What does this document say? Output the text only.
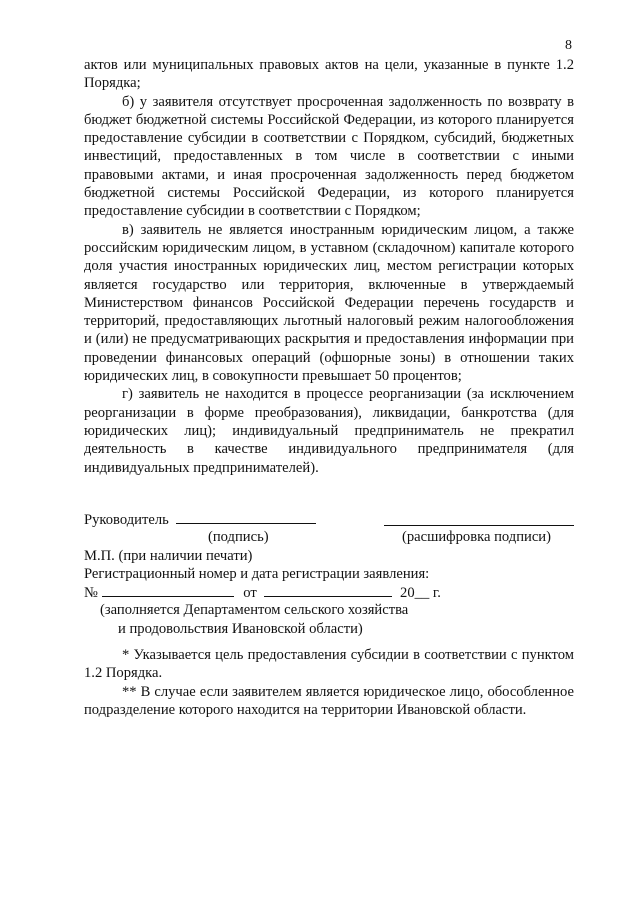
8

актов или муниципальных правовых актов на цели, указанные в пункте 1.2 Порядка;

б) у заявителя отсутствует просроченная задолженность по возврату в бюджет бюджетной системы Российской Федерации, из которого планируется предоставление субсидии в соответствии с Порядком, субсидий, бюджетных инвестиций, предоставленных в том числе в соответствии с иными правовыми актами, и иная просроченная задолженность перед бюджетом бюджетной системы Российской Федерации, из которого планируется предоставление субсидии в соответствии с Порядком;

в) заявитель не является иностранным юридическим лицом, а также российским юридическим лицом, в уставном (складочном) капитале которого доля участия иностранных юридических лиц, местом регистрации которых является государство или территория, включенные в утверждаемый Министерством финансов Российской Федерации перечень государств и территорий, предоставляющих льготный налоговый режим налогообложения и (или) не предусматривающих раскрытия и предоставления информации при проведении финансовых операций (офшорные зоны) в отношении таких юридических лиц, в совокупности превышает 50 процентов;

г) заявитель не находится в процессе реорганизации (за исключением реорганизации в форме преобразования), ликвидации, банкротства (для юридических лиц); индивидуальный предприниматель не прекратил деятельность в качестве индивидуального предпринимателя (для индивидуальных предпринимателей).

Руководитель
(подпись)	(расшифровка подписи)
М.П. (при наличии печати)
Регистрационный номер и дата регистрации заявления:
№	от	20__ г.
(заполняется Департаментом сельского хозяйства
и продовольствия Ивановской области)

* Указывается цель предоставления субсидии в соответствии с пунктом 1.2 Порядка.

** В случае если заявителем является юридическое лицо, обособленное подразделение которого находится на территории Ивановской области.
